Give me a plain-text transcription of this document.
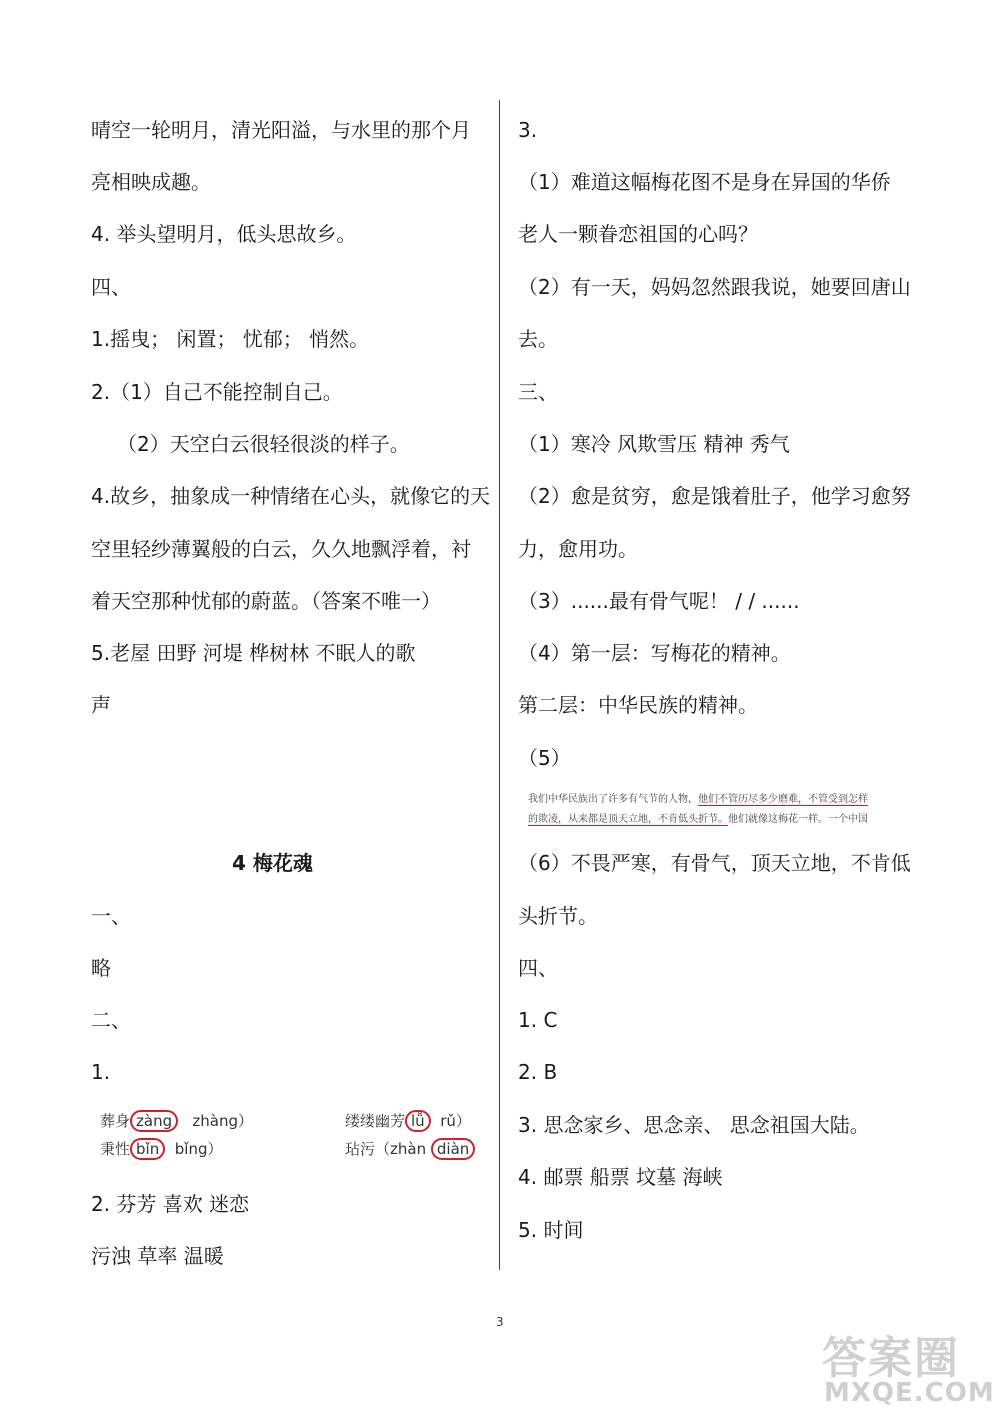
晴空一轮明月，清光阳溢，与水里的那个月
亮相映成趣。
4. 举头望明月，低头思故乡。
四、
1.摇曳； 闲置； 忧郁； 悄然。
2.（1）自己不能控制自己。
（2）天空白云很轻很淡的样子。
4.故乡，抽象成一种情绪在心头，就像它的天
空里轻纱薄翼般的白云，久久地飘浮着，衬
着天空那种忧郁的蔚蓝。（答案不唯一）
5.老屋 田野 河堤 桦树林 不眠人的歌
声
4 梅花魂
一、
略
二、
1.
葬身 zàng zhàng）
秉性 bǐn bǐng）
缕缕幽芳 lǚ rǔ）
玷污（zhàn diàn
2. 芬芳 喜欢 迷恋
污浊 草率 温暖
3.
（1）难道这幅梅花图不是身在异国的华侨
老人一颗眷恋祖国的心吗？
（2）有一天，妈妈忽然跟我说，她要回唐山
去。
三、
（1）寒冷 风欺雪压 精神 秀气
（2）愈是贫穷，愈是饿着肚子，他学习愈努
力，愈用功。
（3）......最有骨气呢！ / / ......
（4）第一层：写梅花的精神。
第二层：中华民族的精神。
（5）
（6）不畏严寒，有骨气，顶天立地，不肯低
头折节。
四、
1. C
2. B
3. 思念家乡、思念亲、 思念祖国大陆。
4. 邮票 船票 坟墓 海峡
5. 时间
我们中华民族出了许多有气节的人物，他们不管历尽多少磨难，不管受到怎样
的欺凌，从来都是顶天立地，不肯低头折节。他们就像这梅花一样。一个中国
3
答案圈
MXQE.COM
